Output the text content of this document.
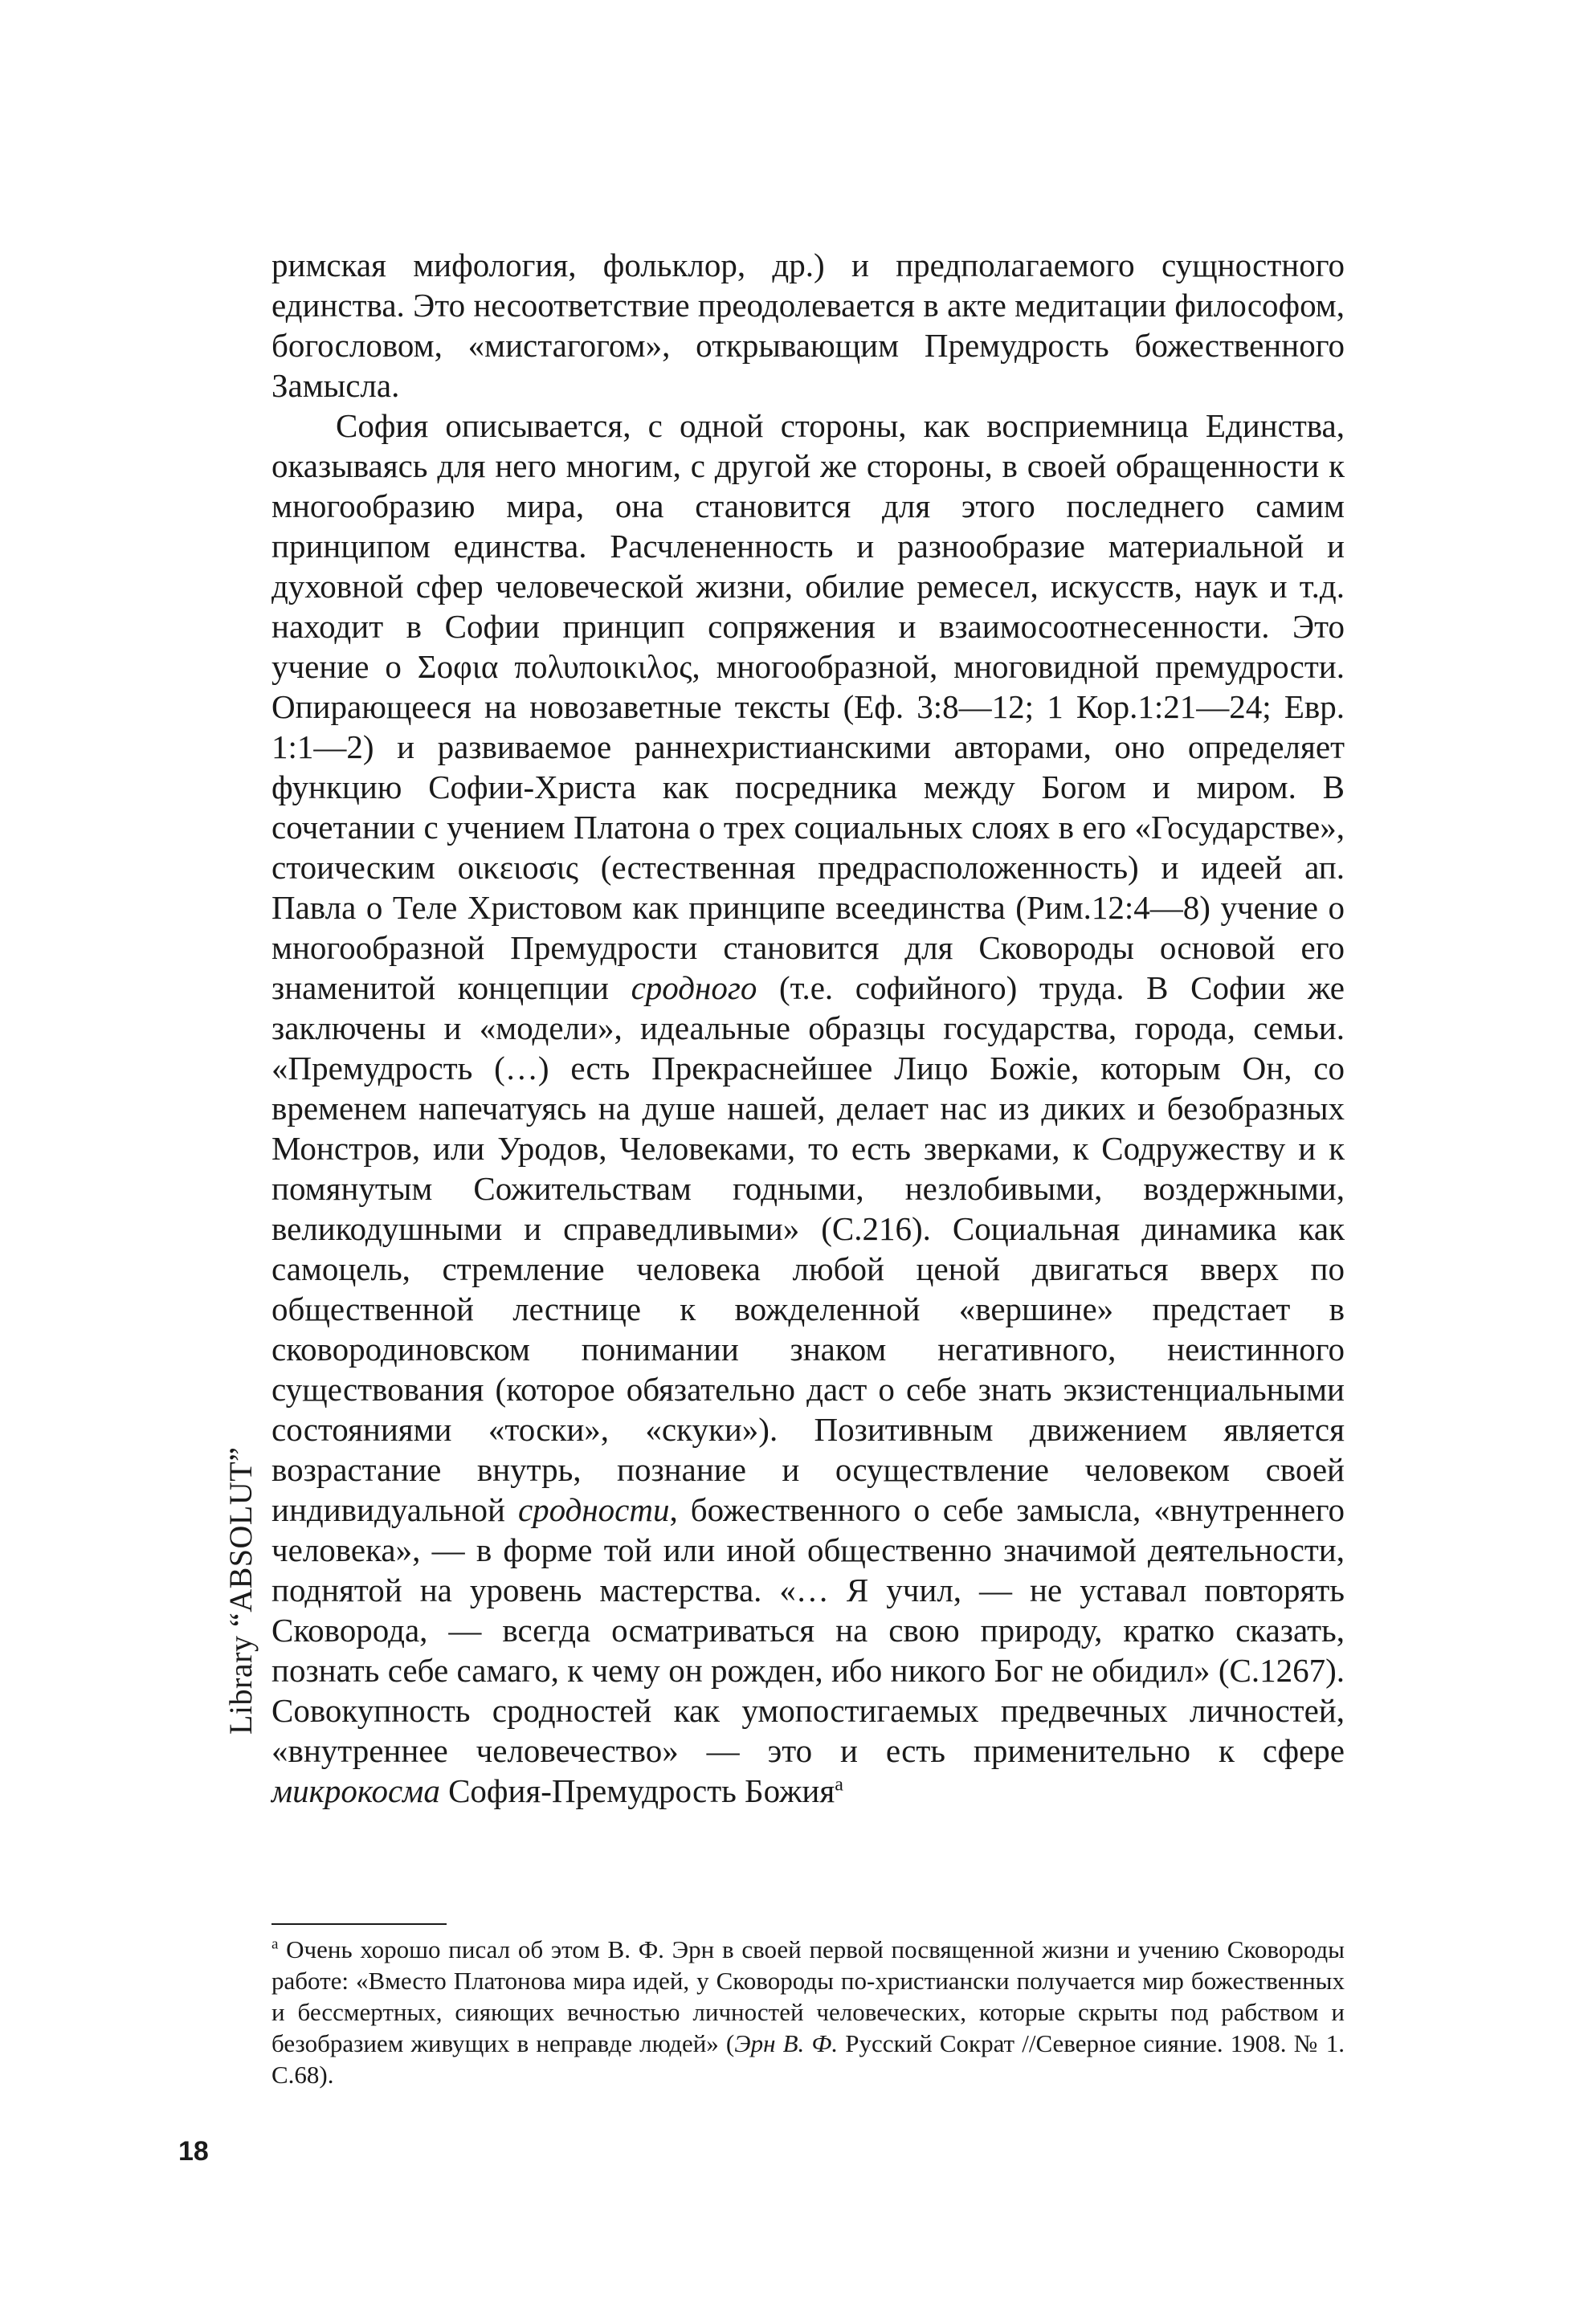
римская мифология, фольклор, др.) и предполагаемого сущностного единства. Это несоответствие преодолевается в акте медитации философом, богословом, «мистагогом», открывающим Премудрость божественного Замысла.

София описывается, с одной стороны, как восприемница Единства, оказываясь для него многим, с другой же стороны, в своей обращенности к многообразию мира, она становится для этого последнего самим принципом единства. Расчлененность и разнообразие материальной и духовной сфер человеческой жизни, обилие ремесел, искусств, наук и т.д. находит в Софии принцип сопряжения и взаимосоотнесенности. Это учение о Σοφια πολυποικιλος, многообразной, многовидной премудрости. Опирающееся на новозаветные тексты (Еф. 3:8—12; 1 Кор.1:21—24; Евр. 1:1—2) и развиваемое раннехристианскими авторами, оно определяет функцию Софии-Христа как посредника между Богом и миром. В сочетании с учением Платона о трех социальных слоях в его «Государстве», стоическим οικειοσις (естественная предрасположенность) и идеей ап. Павла о Теле Христовом как принципе всеединства (Рим.12:4—8) учение о многообразной Премудрости становится для Сковороды основой его знаменитой концепции сродного (т.е. софийного) труда. В Софии же заключены и «модели», идеальные образцы государства, города, семьи. «Премудрость (…) есть Прекраснейшее Лицо Божіе, которым Он, со временем напечатуясь на душе нашей, делает нас из диких и безобразных Монстров, или Уродов, Человеками, то есть зверками, к Содружеству и к помянутым Сожительствам годными, незлобивыми, воздержными, великодушными и справедливыми» (С.216). Социальная динамика как самоцель, стремление человека любой ценой двигаться вверх по общественной лестнице к вожделенной «вершине» предстает в сковородиновском понимании знаком негативного, неистинного существования (которое обязательно даст о себе знать экзистенциальными состояниями «тоски», «скуки»). Позитивным движением является возрастание внутрь, познание и осуществление человеком своей индивидуальной сродности, божественного о себе замысла, «внутреннего человека», — в форме той или иной общественно значимой деятельности, поднятой на уровень мастерства. «… Я учил, — не уставал повторять Сковорода, — всегда осматриваться на свою природу, кратко сказать, познать себе самаго, к чему он рожден, ибо никого Бог не обидил» (С.1267). Совокупность сродностей как умопостигаемых предвечных личностей, «внутреннее человечество» — это и есть применительно к сфере микрокосма София-Премудрость Божия$^a$

$^a$ Очень хорошо писал об этом В. Ф. Эрн в своей первой посвященной жизни и учению Сковороды работе: «Вместо Платонова мира идей, у Сковороды по-христиански получается мир божественных и бессмертных, сияющих вечностью личностей человеческих, которые скрыты под рабством и безобразием живущих в неправде людей» (Эрн В. Ф. Русский Сократ //Северное сияние. 1908. № 1. С.68).

Library “ABSOLUT”
18
